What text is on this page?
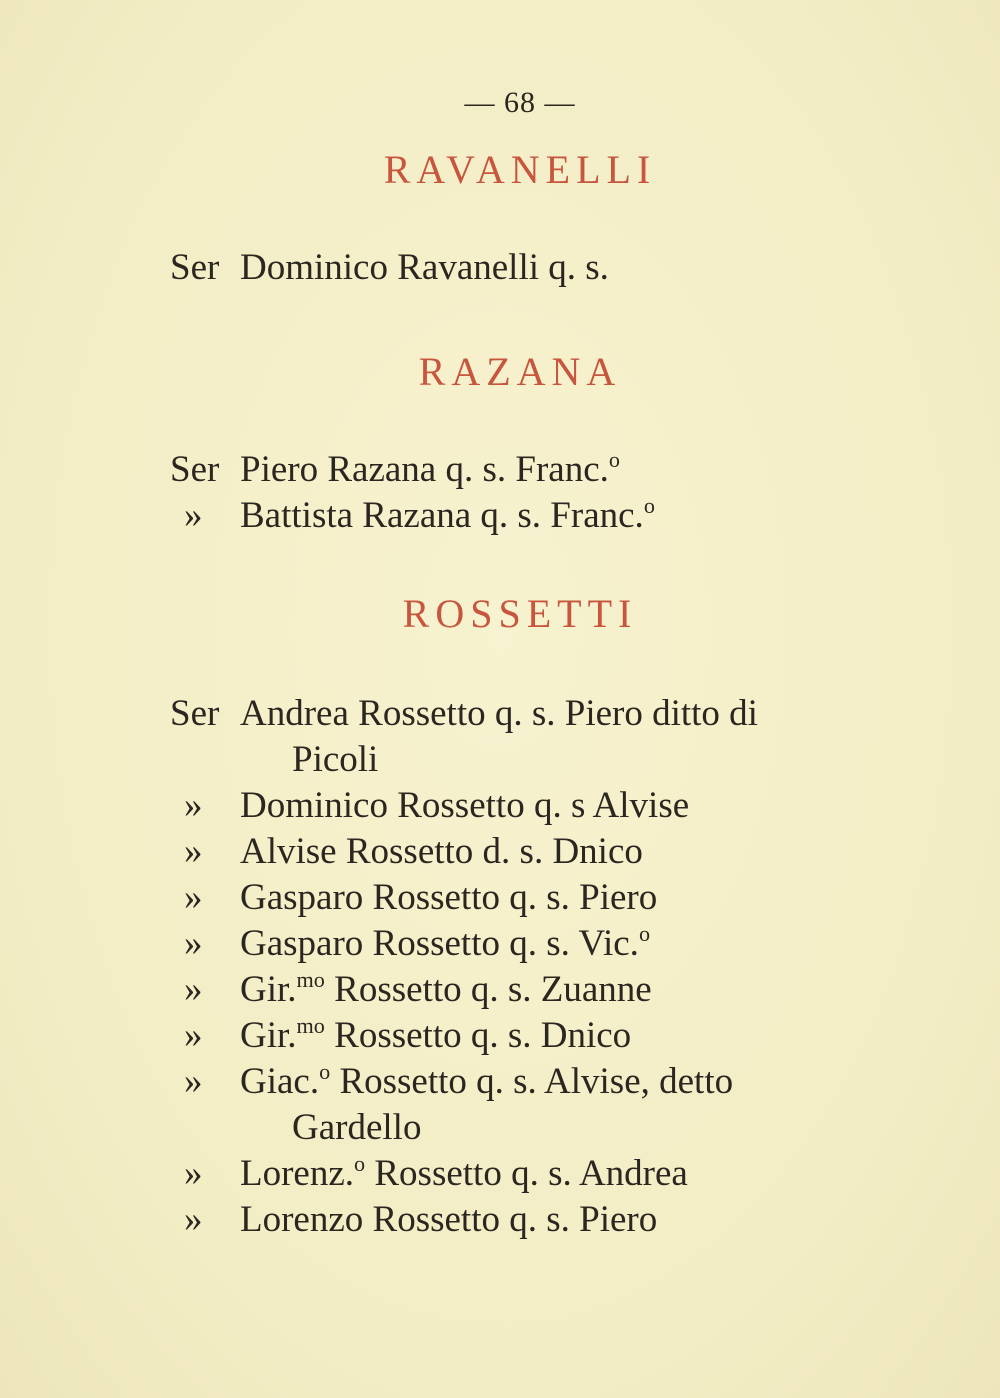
— 68 —
RAVANELLI
Ser Dominico Ravanelli q. s.
RAZANA
Ser Piero Razana q. s. Franc.$^o$
» Battista Razana q. s. Franc.$^o$
ROSSETTI
Ser Andrea Rossetto q. s. Piero ditto di
Picoli
» Dominico Rossetto q. s Alvise
» Alvise Rossetto d. s. Dnico
» Gasparo Rossetto q. s. Piero
» Gasparo Rossetto q. s. Vic.$^o$
» Gir.$^{mo}$ Rossetto q. s. Zuanne
» Gir.$^{mo}$ Rossetto q. s. Dnico
» Giac.$^o$ Rossetto q. s. Alvise, detto
Gardello
» Lorenz.$^o$ Rossetto q. s. Andrea
» Lorenzo Rossetto q. s. Piero
